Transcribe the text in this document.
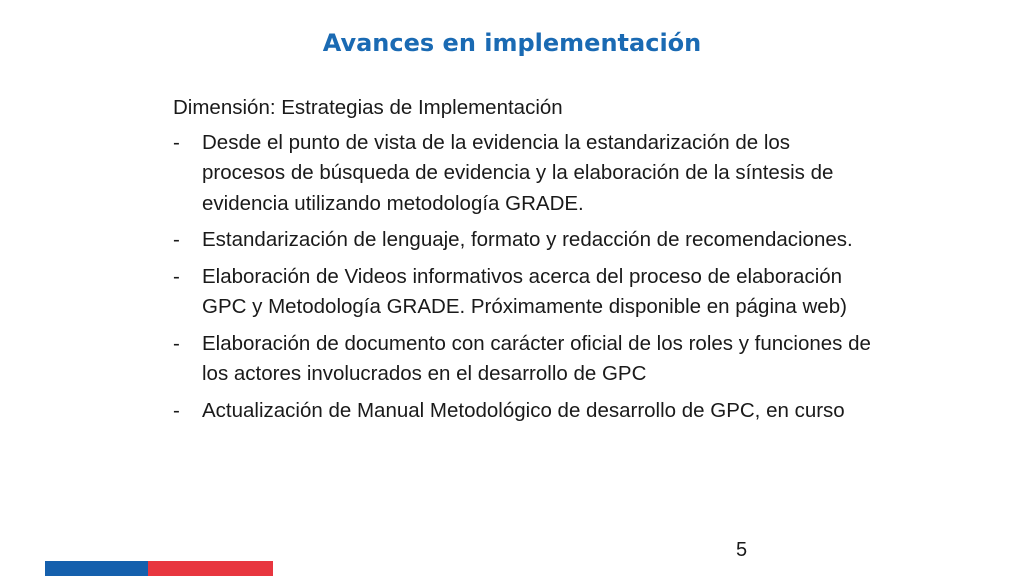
Avances en implementación

Dimensión: Estrategias de Implementación

- Desde el punto de vista de la evidencia la estandarización de los procesos de búsqueda de evidencia y la elaboración de la síntesis de evidencia utilizando metodología GRADE.
- Estandarización de lenguaje, formato y redacción de recomendaciones.
- Elaboración de Videos informativos acerca del proceso de elaboración GPC y Metodología GRADE. Próximamente disponible en página web)
- Elaboración de documento con carácter oficial de los roles y funciones de los actores involucrados en el desarrollo de GPC
- Actualización de Manual Metodológico de desarrollo de GPC, en curso
5
